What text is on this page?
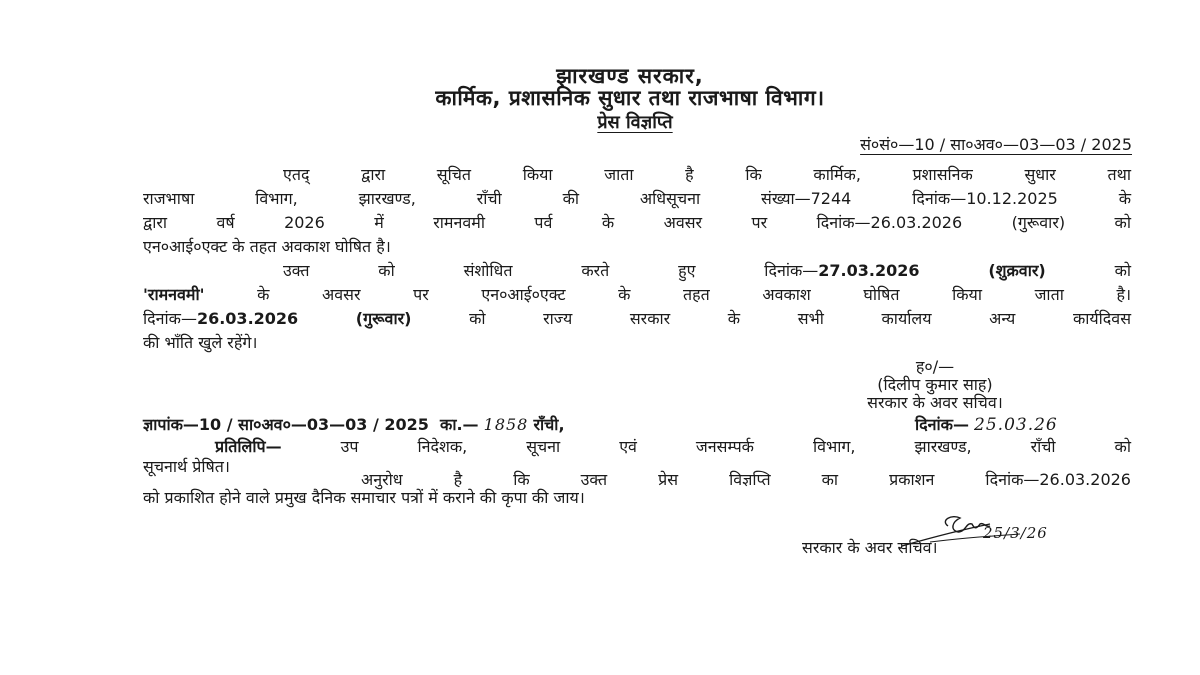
झारखण्ड सरकार,
कार्मिक, प्रशासनिक सुधार तथा राजभाषा विभाग।
प्रेस विज्ञप्ति
सं०सं०—10 / सा०अव०—03—03 / 2025
एतद् द्वारा सूचित किया जाता है कि कार्मिक, प्रशासनिक सुधार तथा
राजभाषा विभाग, झारखण्ड, राँची की अधिसूचना संख्या—7244 दिनांक—10.12.2025 के
द्वारा वर्ष 2026 में रामनवमी पर्व के अवसर पर दिनांक—26.03.2026 (गुरूवार) को
एन०आई०एक्ट के तहत अवकाश घोषित है।
उक्त को संशोधित करते हुए दिनांक—27.03.2026	(शुक्रवार)	को
'रामनवमी'	के अवसर पर एन०आई०एक्ट के तहत अवकाश घोषित किया जाता है।
दिनांक—26.03.2026	(गुरूवार)	को राज्य सरकार के सभी कार्यालय अन्य कार्यदिवस
की भाँति खुले रहेंगे।
ह०/—
(दिलीप कुमार साह)
सरकार के अवर सचिव।
ज्ञापांक—10 / सा०अव०—03—03 / 2025 का.— 1858 राँची,	दिनांक— 25.03.26
प्रतिलिपि—	उप निदेशक, सूचना एवं जनसम्पर्क विभाग, झारखण्ड, राँची को
सूचनार्थ प्रेषित।
अनुरोध है कि उक्त प्रेस विज्ञप्ति का प्रकाशन दिनांक—26.03.2026
को प्रकाशित होने वाले प्रमुख दैनिक समाचार पत्रों में कराने की कृपा की जाय।
25/3/26
सरकार के अवर सचिव।
